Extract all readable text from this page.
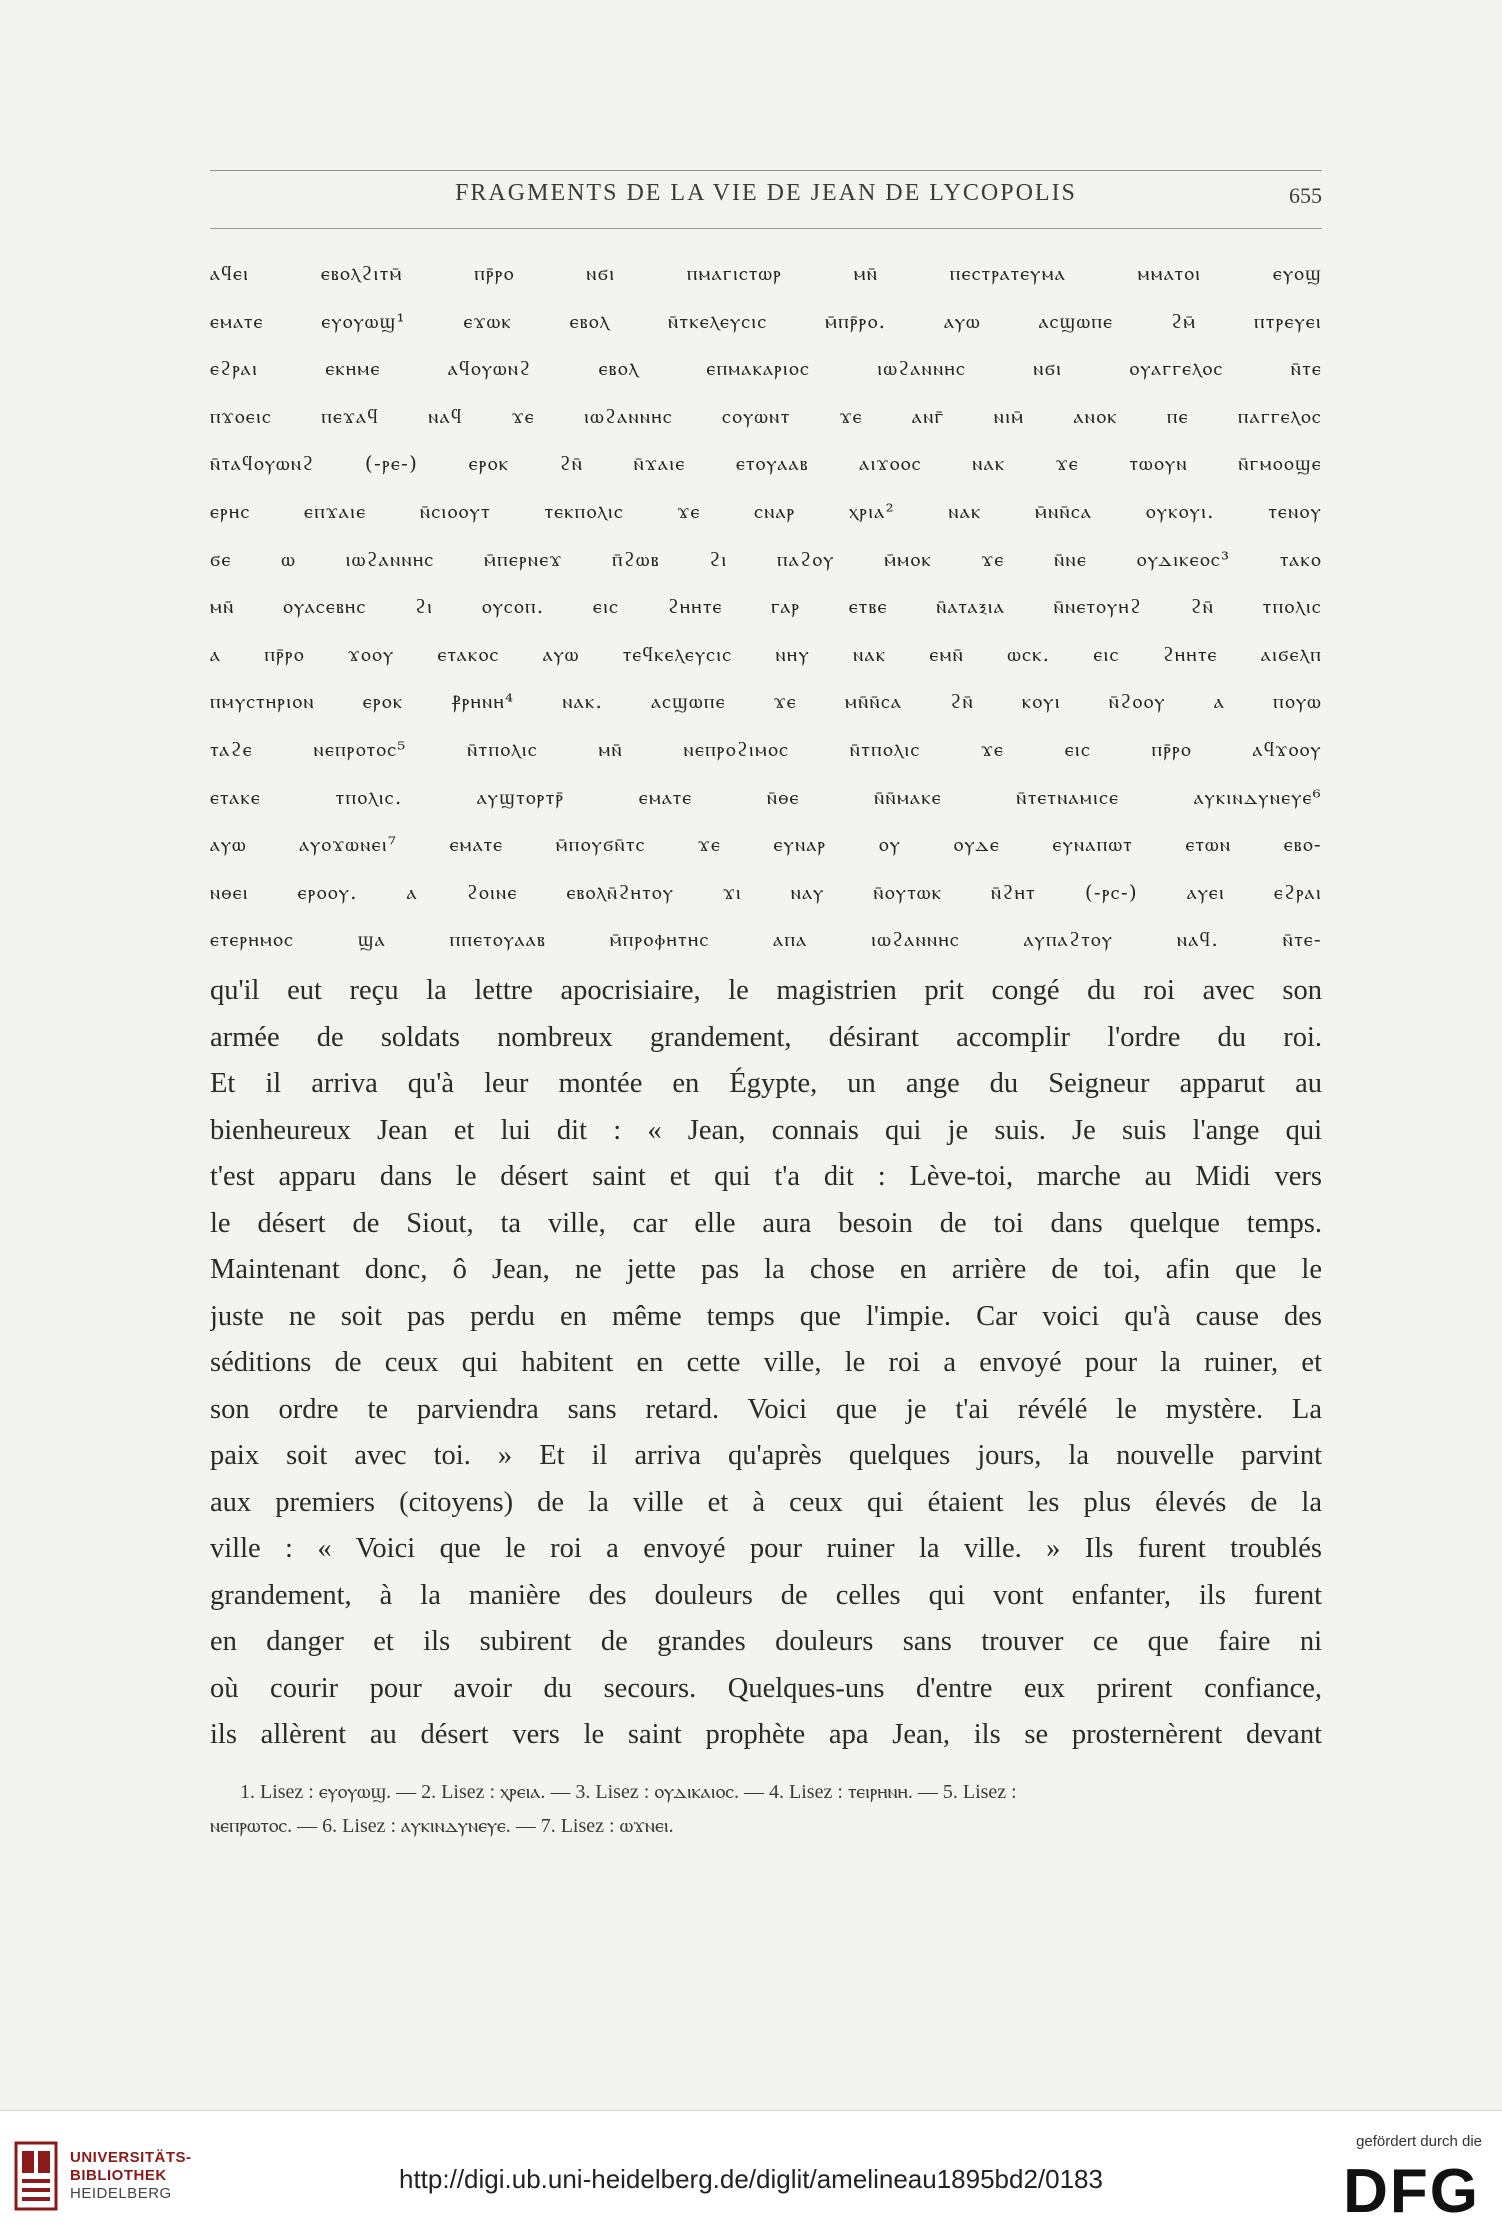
FRAGMENTS DE LA VIE DE JEAN DE LYCOPOLIS	655
ⲁϥⲉⲓ ⲉⲃⲟⲗϩⲓⲧⲙ̄ ⲡⲣ̄ⲣⲟ ⲛϭⲓ ⲡⲙⲁⲅⲓⲥⲧⲱⲣ ⲙⲛ̄ ⲡⲉⲥⲧⲣⲁⲧⲉⲩⲙⲁ ⲙⲙⲁⲧⲟⲓ ⲉⲩⲟϣ
ⲉⲙⲁⲧⲉ ⲉⲩⲟⲩⲱϣ¹ ⲉϫⲱⲕ ⲉⲃⲟⲗ ⲛ̄ⲧⲕⲉⲗⲉⲩⲥⲓⲥ ⲙ̄ⲡⲣ̄ⲣⲟ. ⲁⲩⲱ ⲁⲥϣⲱⲡⲉ ϩⲙ̄ ⲡⲧⲣⲉⲩⲉⲓ
ⲉϩⲣⲁⲓ ⲉⲕⲏⲙⲉ ⲁϥⲟⲩⲱⲛϩ ⲉⲃⲟⲗ ⲉⲡⲙⲁⲕⲁⲣⲓⲟⲥ ⲓⲱϩⲁⲛⲛⲏⲥ ⲛϭⲓ ⲟⲩⲁⲅⲅⲉⲗⲟⲥ ⲛ̄ⲧⲉ
ⲡϫⲟⲉⲓⲥ ⲡⲉϫⲁϥ ⲛⲁϥ ϫⲉ ⲓⲱϩⲁⲛⲛⲏⲥ ⲥⲟⲩⲱⲛⲧ ϫⲉ ⲁⲛⲅ̄ ⲛⲓⲙ̄ ⲁⲛⲟⲕ ⲡⲉ ⲡⲁⲅⲅⲉⲗⲟⲥ
ⲛ̄ⲧⲁϥⲟⲩⲱⲛϩ (-ⲣⲉ-) ⲉⲣⲟⲕ ϩⲛ̄ ⲛ̄ϫⲁⲓⲉ ⲉⲧⲟⲩⲁⲁⲃ ⲁⲓϫⲟⲟⲥ ⲛⲁⲕ ϫⲉ ⲧⲱⲟⲩⲛ ⲛ̄ⲅⲙⲟⲟϣⲉ
ⲉⲣⲏⲥ ⲉⲡϫⲁⲓⲉ ⲛ̄ⲥⲓⲟⲟⲩⲧ ⲧⲉⲕⲡⲟⲗⲓⲥ ϫⲉ ⲥⲛⲁⲣ ⲭⲣⲓⲁ² ⲛⲁⲕ ⲙ̄ⲛⲛ̄ⲥⲁ ⲟⲩⲕⲟⲩⲓ. ⲧⲉⲛⲟⲩ
ϭⲉ ⲱ ⲓⲱϩⲁⲛⲛⲏⲥ ⲙ̄ⲡⲉⲣⲛⲉϫ ⲡ̄ϩⲱⲃ ϩⲓ ⲡⲁϩⲟⲩ ⲙ̄ⲙⲟⲕ ϫⲉ ⲛ̄ⲛⲉ ⲟⲩⲇⲓⲕⲉⲟⲥ³ ⲧⲁⲕⲟ
ⲙⲛ̄ ⲟⲩⲁⲥⲉⲃⲏⲥ ϩⲓ ⲟⲩⲥⲟⲡ. ⲉⲓⲥ ϩⲏⲏⲧⲉ ⲅⲁⲣ ⲉⲧⲃⲉ ⲛ̄ⲁⲧⲁⲝⲓⲁ ⲛ̄ⲛⲉⲧⲟⲩⲏϩ ϩⲛ̄ ⲧⲡⲟⲗⲓⲥ
ⲁ ⲡⲣ̄ⲣⲟ ϫⲟⲟⲩ ⲉⲧⲁⲕⲟⲥ ⲁⲩⲱ ⲧⲉϥⲕⲉⲗⲉⲩⲥⲓⲥ ⲛⲏⲩ ⲛⲁⲕ ⲉⲙⲛ̄ ⲱⲥⲕ. ⲉⲓⲥ ϩⲏⲏⲧⲉ ⲁⲓϭⲉⲗⲡ
ⲡⲙⲩⲥⲧⲏⲣⲓⲟⲛ ⲉⲣⲟⲕ ⳁⲣⲏⲛⲏ⁴ ⲛⲁⲕ. ⲁⲥϣⲱⲡⲉ ϫⲉ ⲙⲛ̄ⲛ̄ⲥⲁ ϩⲛ̄ ⲕⲟⲩⲓ ⲛ̄ϩⲟⲟⲩ ⲁ ⲡⲟⲩⲱ
ⲧⲁϩⲉ ⲛⲉⲡⲣⲟⲧⲟⲥ⁵ ⲛ̄ⲧⲡⲟⲗⲓⲥ ⲙⲛ̄ ⲛⲉⲡⲣⲟϩⲓⲙⲟⲥ ⲛ̄ⲧⲡⲟⲗⲓⲥ ϫⲉ ⲉⲓⲥ ⲡⲣ̄ⲣⲟ ⲁϥϫⲟⲟⲩ
ⲉⲧⲁⲕⲉ ⲧⲡⲟⲗⲓⲥ. ⲁⲩϣⲧⲟⲣⲧⲣ̄ ⲉⲙⲁⲧⲉ ⲛ̄ⲑⲉ ⲛ̄ⲛ̄ⲙⲁⲕⲉ ⲛ̄ⲧⲉⲧⲛⲁⲙⲓⲥⲉ ⲁⲩⲕⲓⲛⲇⲩⲛⲉⲩⲉ⁶
ⲁⲩⲱ ⲁⲩⲟϫⲱⲛⲉⲓ⁷ ⲉⲙⲁⲧⲉ ⲙ̄ⲡⲟⲩϭⲛ̄ⲧⲥ ϫⲉ ⲉⲩⲛⲁⲣ ⲟⲩ ⲟⲩⲇⲉ ⲉⲩⲛⲁⲡⲱⲧ ⲉⲧⲱⲛ ⲉⲃⲟ-
ⲛⲑⲉⲓ ⲉⲣⲟⲟⲩ. ⲁ ϩⲟⲓⲛⲉ ⲉⲃⲟⲗⲛ̄ϩⲏⲧⲟⲩ ϫⲓ ⲛⲁⲩ ⲛ̄ⲟⲩⲧⲱⲕ ⲛ̄ϩⲏⲧ (-ⲣⲥ-) ⲁⲩⲉⲓ ⲉϩⲣⲁⲓ
ⲉⲧⲉⲣⲏⲙⲟⲥ ϣⲁ ⲡⲡⲉⲧⲟⲩⲁⲁⲃ ⲙ̄ⲡⲣⲟⲫⲏⲧⲏⲥ ⲁⲡⲁ ⲓⲱϩⲁⲛⲛⲏⲥ ⲁⲩⲡⲁϩⲧⲟⲩ ⲛⲁϥ. ⲛ̄ⲧⲉ-
qu'il eut reçu la lettre apocrisiaire, le magistrien prit congé du roi avec son
armée de soldats nombreux grandement, désirant accomplir l'ordre du roi.
Et il arriva qu'à leur montée en Égypte, un ange du Seigneur apparut au
bienheureux Jean et lui dit : « Jean, connais qui je suis. Je suis l'ange qui
t'est apparu dans le désert saint et qui t'a dit : Lève-toi, marche au Midi vers
le désert de Siout, ta ville, car elle aura besoin de toi dans quelque temps.
Maintenant donc, ô Jean, ne jette pas la chose en arrière de toi, afin que le
juste ne soit pas perdu en même temps que l'impie. Car voici qu'à cause des
séditions de ceux qui habitent en cette ville, le roi a envoyé pour la ruiner, et
son ordre te parviendra sans retard. Voici que je t'ai révélé le mystère. La
paix soit avec toi. » Et il arriva qu'après quelques jours, la nouvelle parvint
aux premiers (citoyens) de la ville et à ceux qui étaient les plus élevés de la
ville : « Voici que le roi a envoyé pour ruiner la ville. » Ils furent troublés
grandement, à la manière des douleurs de celles qui vont enfanter, ils furent
en danger et ils subirent de grandes douleurs sans trouver ce que faire ni
où courir pour avoir du secours. Quelques-uns d'entre eux prirent confiance,
ils allèrent au désert vers le saint prophète apa Jean, ils se prosternèrent devant
1. Lisez : ⲉⲩⲟⲩⲱϣ. — 2. Lisez : ⲭⲣⲉⲓⲁ. — 3. Lisez : ⲟⲩⲇⲓⲕⲁⲓⲟⲥ. — 4. Lisez : ⲧⲉⲓⲣⲏⲛⲏ. — 5. Lisez :
ⲛⲉⲡⲣⲱⲧⲟⲥ. — 6. Lisez : ⲁⲩⲕⲓⲛⲇⲩⲛⲉⲩⲉ. — 7. Lisez : ⲱϫⲛⲉⲓ.
UNIVERSITÄTS-
BIBLIOTHEK
HEIDELBERG	http://digi.ub.uni-heidelberg.de/diglit/amelineau1895bd2/0183
gefördert durch die
DFG
